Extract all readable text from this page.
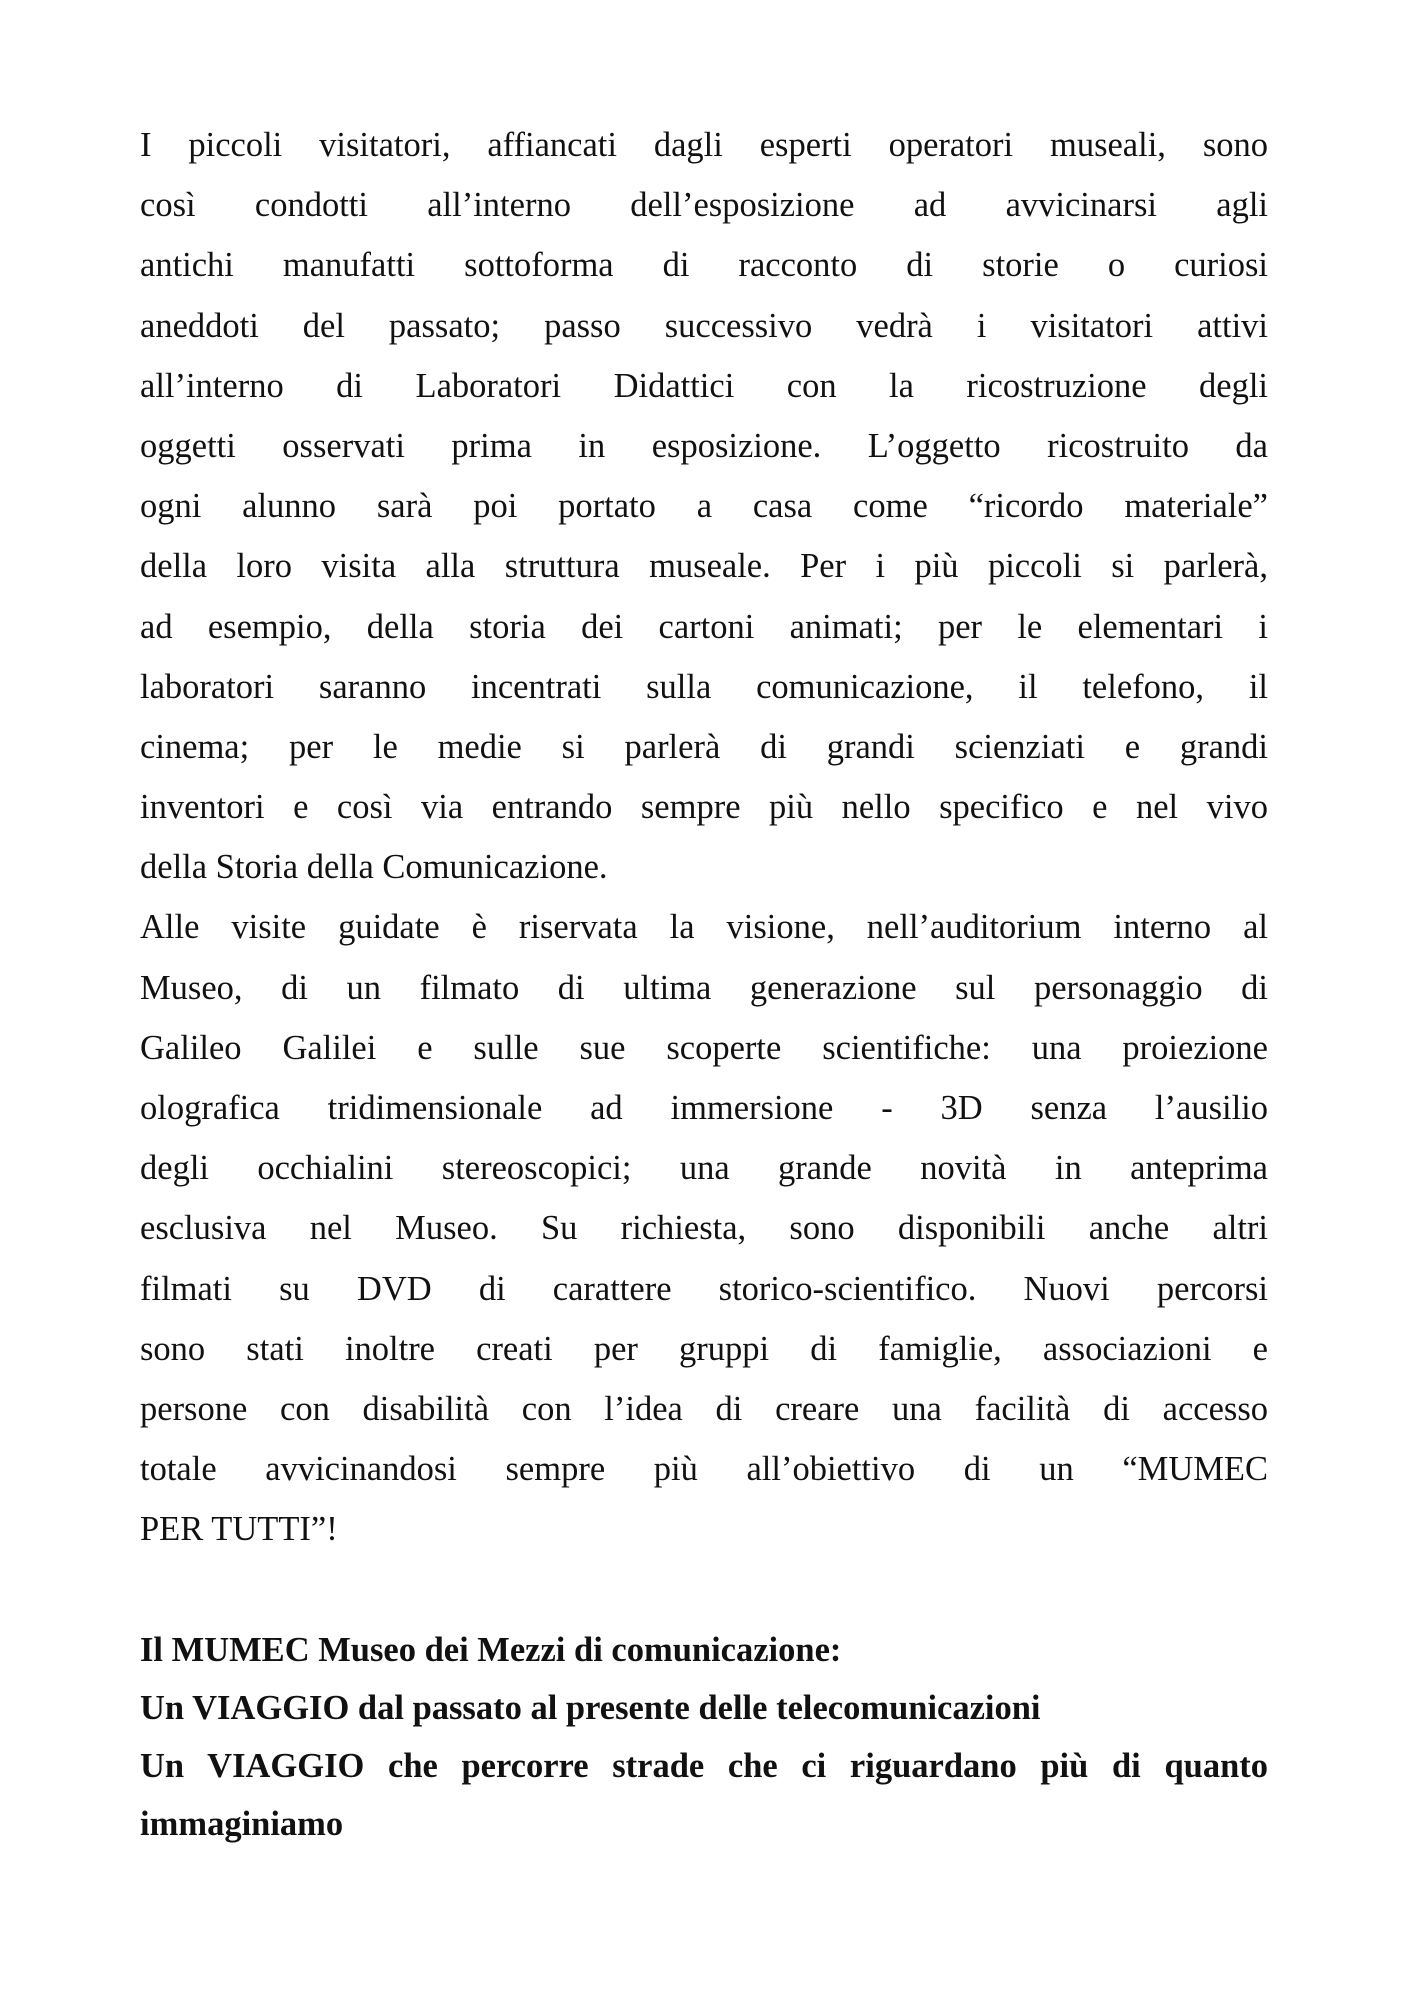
I piccoli visitatori, affiancati dagli esperti operatori museali, sono
così condotti all’interno dell’esposizione ad avvicinarsi agli
antichi manufatti sottoforma di racconto di storie o curiosi
aneddoti del passato; passo successivo vedrà i visitatori attivi
all’interno di Laboratori Didattici con la ricostruzione degli
oggetti osservati prima in esposizione. L’oggetto ricostruito da
ogni alunno sarà poi portato a casa come “ricordo materiale”
della loro visita alla struttura museale. Per i più piccoli si parlerà,
ad esempio, della storia dei cartoni animati; per le elementari i
laboratori saranno incentrati sulla comunicazione, il telefono, il
cinema; per le medie si parlerà di grandi scienziati e grandi
inventori e così via entrando sempre più nello specifico e nel vivo
della Storia della Comunicazione.
Alle visite guidate è riservata la visione, nell’auditorium interno al
Museo, di un filmato di ultima generazione sul personaggio di
Galileo Galilei e sulle sue scoperte scientifiche: una proiezione
olografica tridimensionale ad immersione - 3D senza l’ausilio
degli occhialini stereoscopici; una grande novità in anteprima
esclusiva nel Museo. Su richiesta, sono disponibili anche altri
filmati su DVD di carattere storico-scientifico. Nuovi percorsi
sono stati inoltre creati per gruppi di famiglie, associazioni e
persone con disabilità con l’idea di creare una facilità di accesso
totale avvicinandosi sempre più all’obiettivo di un “MUMEC
PER TUTTI”!
Il MUMEC Museo dei Mezzi di comunicazione:
Un VIAGGIO dal passato al presente delle telecomunicazioni
Un VIAGGIO che percorre strade che ci riguardano più di quanto
immaginiamo
